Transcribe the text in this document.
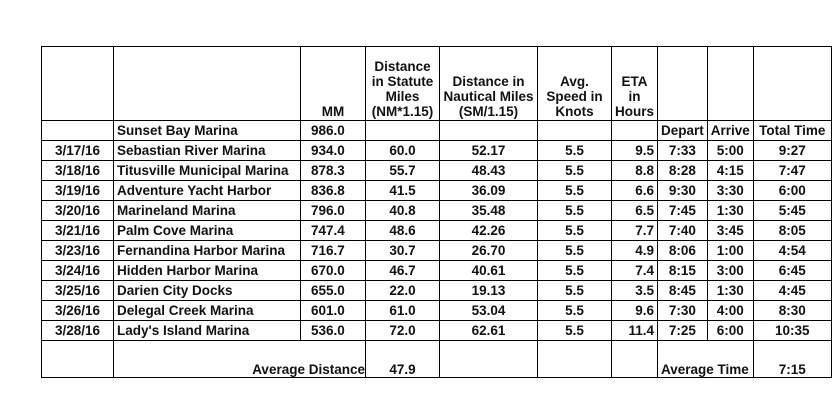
		MM	Distance in Statute Miles (NM*1.15)	Distance in Nautical Miles (SM/1.15)	Avg. Speed in Knots	ETA in Hours			
	Sunset Bay Marina	986.0					Depart	Arrive	Total Time
3/17/16	Sebastian River Marina	934.0	60.0	52.17	5.5	9.5	7:33	5:00	9:27
3/18/16	Titusville Municipal Marina	878.3	55.7	48.43	5.5	8.8	8:28	4:15	7:47
3/19/16	Adventure Yacht Harbor	836.8	41.5	36.09	5.5	6.6	9:30	3:30	6:00
3/20/16	Marineland Marina	796.0	40.8	35.48	5.5	6.5	7:45	1:30	5:45
3/21/16	Palm Cove Marina	747.4	48.6	42.26	5.5	7.7	7:40	3:45	8:05
3/23/16	Fernandina Harbor Marina	716.7	30.7	26.70	5.5	4.9	8:06	1:00	4:54
3/24/16	Hidden Harbor Marina	670.0	46.7	40.61	5.5	7.4	8:15	3:00	6:45
3/25/16	Darien City Docks	655.0	22.0	19.13	5.5	3.5	8:45	1:30	4:45
3/26/16	Delegal Creek Marina	601.0	61.0	53.04	5.5	9.6	7:30	4:00	8:30
3/28/16	Lady's Island Marina	536.0	72.0	62.61	5.5	11.4	7:25	6:00	10:35
	Average Distance		47.9				Average Time		7:15
